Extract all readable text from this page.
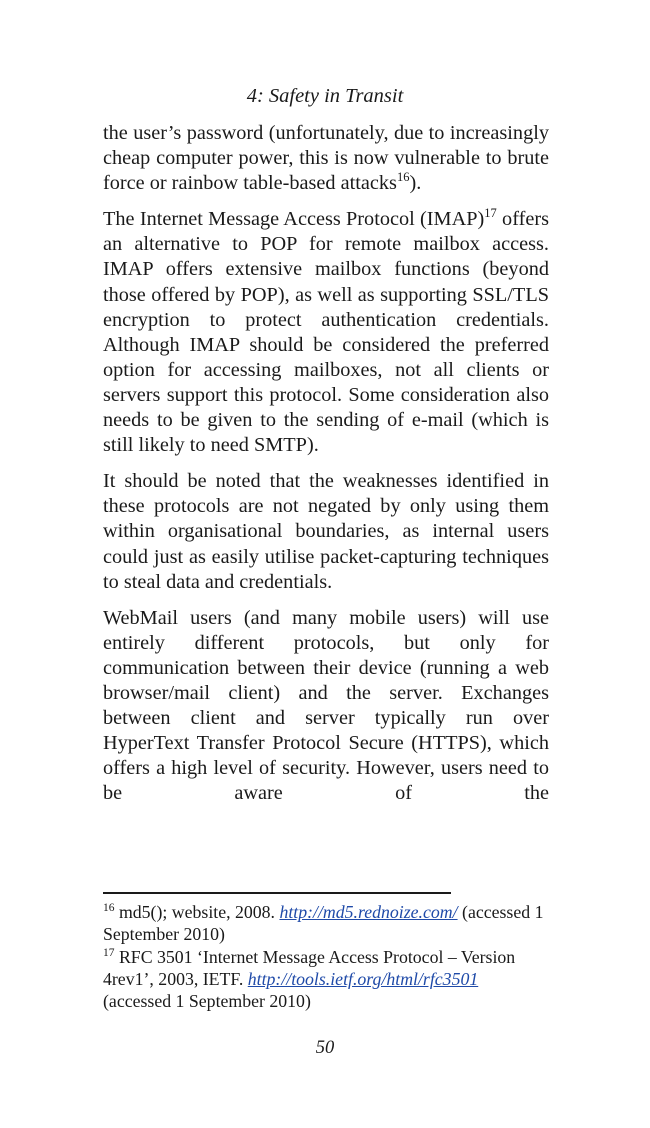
4: Safety in Transit

the user’s password (unfortunately, due to increasingly cheap computer power, this is now vulnerable to brute force or rainbow table-based attacks$^{16}$).

The Internet Message Access Protocol (IMAP)$^{17}$ offers an alternative to POP for remote mailbox access. IMAP offers extensive mailbox functions (beyond those offered by POP), as well as supporting SSL/TLS encryption to protect authentication credentials. Although IMAP should be considered the preferred option for accessing mailboxes, not all clients or servers support this protocol. Some consideration also needs to be given to the sending of e-mail (which is still likely to need SMTP).

It should be noted that the weaknesses identified in these protocols are not negated by only using them within organisational boundaries, as internal users could just as easily utilise packet-capturing techniques to steal data and credentials.

WebMail users (and many mobile users) will use entirely different protocols, but only for communication between their device (running a web browser/mail client) and the server. Exchanges between client and server typically run over HyperText Transfer Protocol Secure (HTTPS), which offers a high level of security. However, users need to be aware of the

$^{16}$ md5(); website, 2008. http://md5.rednoize.com/ (accessed 1 September 2010)

$^{17}$ RFC 3501 ‘Internet Message Access Protocol – Version 4rev1’, 2003, IETF. http://tools.ietf.org/html/rfc3501 (accessed 1 September 2010)

50
